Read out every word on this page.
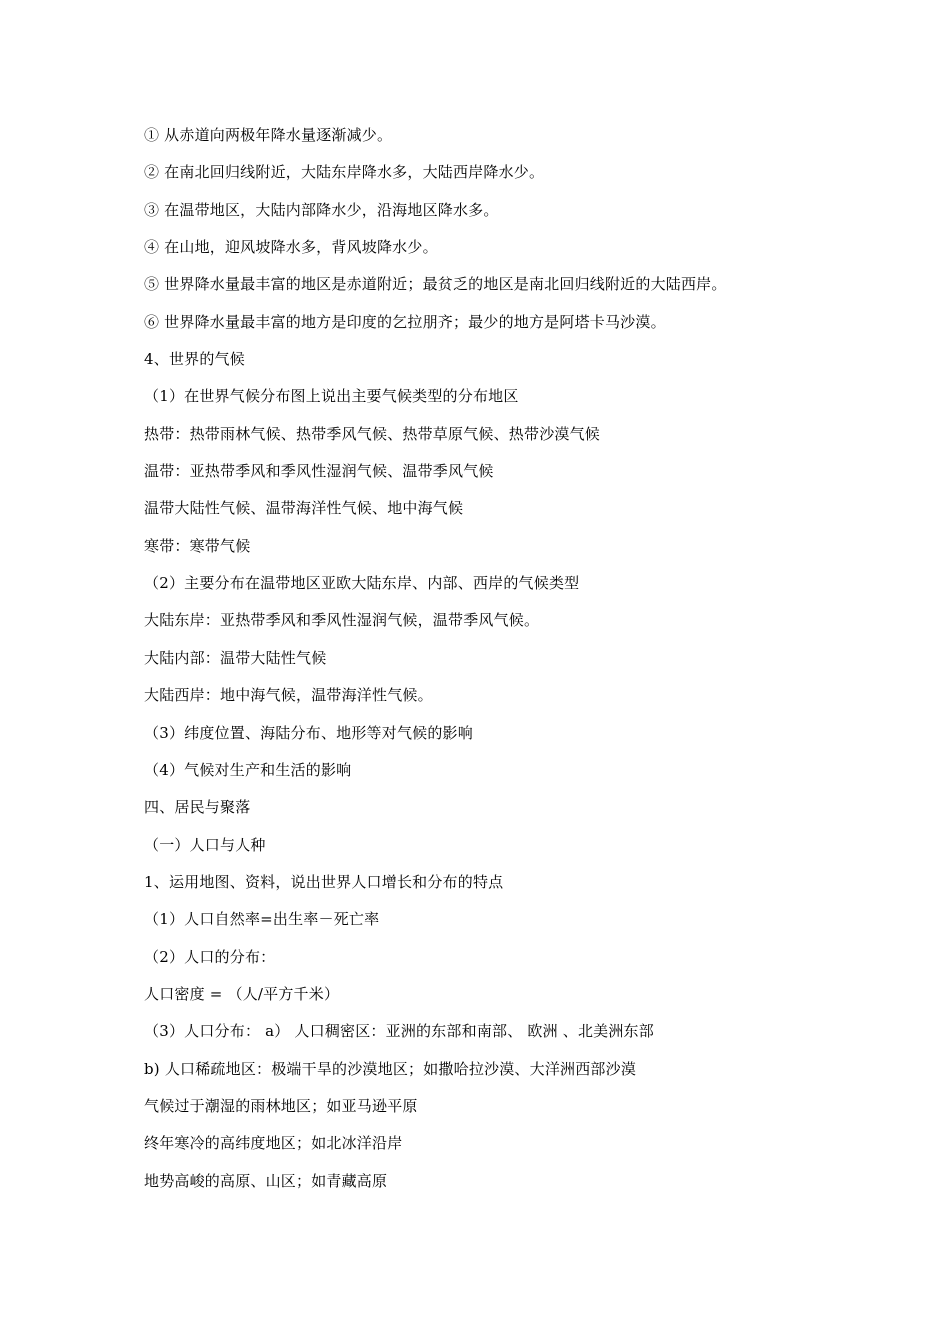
① 从赤道向两极年降水量逐渐减少。
② 在南北回归线附近，大陆东岸降水多，大陆西岸降水少。
③ 在温带地区，大陆内部降水少，沿海地区降水多。
④ 在山地，迎风坡降水多，背风坡降水少。
⑤ 世界降水量最丰富的地区是赤道附近；最贫乏的地区是南北回归线附近的大陆西岸。
⑥ 世界降水量最丰富的地方是印度的乞拉朋齐；最少的地方是阿塔卡马沙漠。
4、世界的气候
（1）在世界气候分布图上说出主要气候类型的分布地区
热带：热带雨林气候、热带季风气候、热带草原气候、热带沙漠气候
温带：亚热带季风和季风性湿润气候、温带季风气候
温带大陆性气候、温带海洋性气候、地中海气候
寒带：寒带气候
（2）主要分布在温带地区亚欧大陆东岸、内部、西岸的气候类型
大陆东岸：亚热带季风和季风性湿润气候，温带季风气候。
大陆内部：温带大陆性气候
大陆西岸：地中海气候，温带海洋性气候。
（3）纬度位置、海陆分布、地形等对气候的影响
（4）气候对生产和生活的影响
四、居民与聚落
（一）人口与人种
1、运用地图、资料，说出世界人口增长和分布的特点
（1）人口自然率=出生率－死亡率
（2）人口的分布：
人口密度 = （人/平方千米）
（3）人口分布： a） 人口稠密区：亚洲的东部和南部、 欧洲 、北美洲东部
b) 人口稀疏地区：极端干旱的沙漠地区；如撒哈拉沙漠、大洋洲西部沙漠
气候过于潮湿的雨林地区；如亚马逊平原
终年寒冷的高纬度地区；如北冰洋沿岸
地势高峻的高原、山区；如青藏高原
